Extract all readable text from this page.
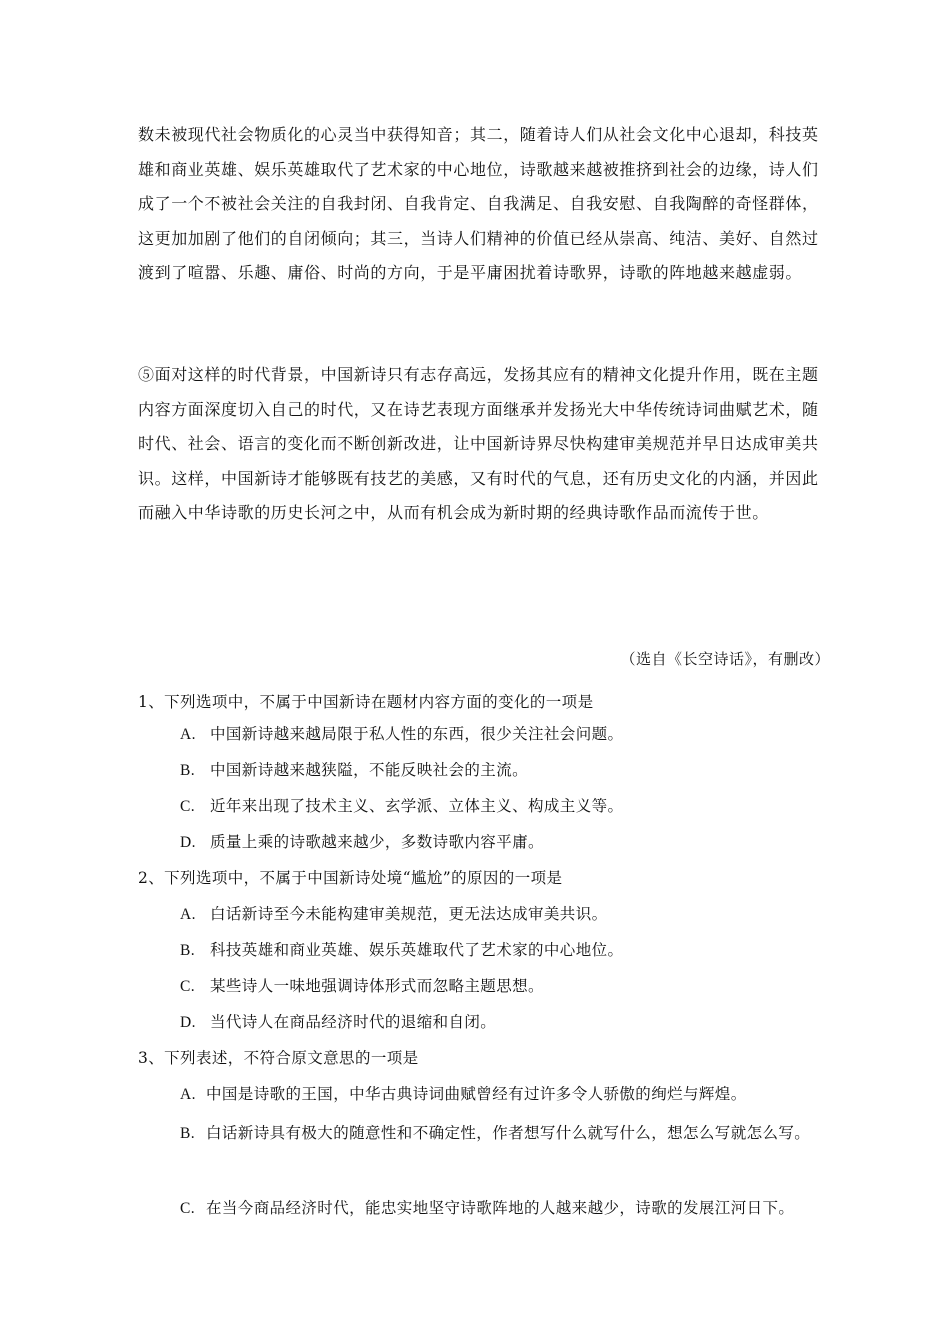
数未被现代社会物质化的心灵当中获得知音；其二，随着诗人们从社会文化中心退却，科技英雄和商业英雄、娱乐英雄取代了艺术家的中心地位，诗歌越来越被推挤到社会的边缘，诗人们成了一个不被社会关注的自我封闭、自我肯定、自我满足、自我安慰、自我陶醉的奇怪群体，这更加加剧了他们的自闭倾向；其三，当诗人们精神的价值已经从崇高、纯洁、美好、自然过渡到了喧嚣、乐趣、庸俗、时尚的方向，于是平庸困扰着诗歌界，诗歌的阵地越来越虚弱。
⑤面对这样的时代背景，中国新诗只有志存高远，发扬其应有的精神文化提升作用，既在主题内容方面深度切入自己的时代，又在诗艺表现方面继承并发扬光大中华传统诗词曲赋艺术，随时代、社会、语言的变化而不断创新改进，让中国新诗界尽快构建审美规范并早日达成审美共识。这样，中国新诗才能够既有技艺的美感，又有时代的气息，还有历史文化的内涵，并因此而融入中华诗歌的历史长河之中，从而有机会成为新时期的经典诗歌作品而流传于世。
（选自《长空诗话》，有删改）
1、下列选项中，不属于中国新诗在题材内容方面的变化的一项是
A. 中国新诗越来越局限于私人性的东西，很少关注社会问题。
B. 中国新诗越来越狭隘，不能反映社会的主流。
C. 近年来出现了技术主义、玄学派、立体主义、构成主义等。
D. 质量上乘的诗歌越来越少，多数诗歌内容平庸。
2、下列选项中，不属于中国新诗处境“尴尬”的原因的一项是
A. 白话新诗至今未能构建审美规范，更无法达成审美共识。
B. 科技英雄和商业英雄、娱乐英雄取代了艺术家的中心地位。
C. 某些诗人一味地强调诗体形式而忽略主题思想。
D. 当代诗人在商品经济时代的退缩和自闭。
3、下列表述，不符合原文意思的一项是
A. 中国是诗歌的王国，中华古典诗词曲赋曾经有过许多令人骄傲的绚烂与辉煌。
B. 白话新诗具有极大的随意性和不确定性，作者想写什么就写什么，想怎么写就怎么写。
C. 在当今商品经济时代，能忠实地坚守诗歌阵地的人越来越少，诗歌的发展江河日下。
